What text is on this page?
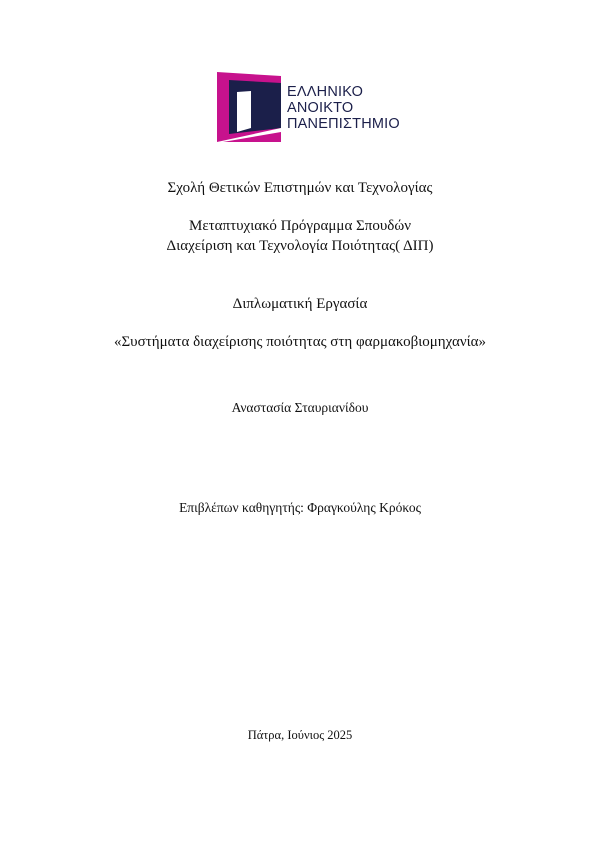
ΕΛΛΗΝΙΚΟ
ΑΝΟΙΚΤΟ
ΠΑΝΕΠΙΣΤΗΜΙΟ
Σχολή Θετικών Επιστημών και Τεχνολογίας
Μεταπτυχιακό Πρόγραμμα Σπουδών
Διαχείριση και Τεχνολογία Ποιότητας( ΔΙΠ)
Διπλωματική Εργασία
«Συστήματα διαχείρισης ποιότητας στη φαρμακοβιομηχανία»
Αναστασία Σταυριανίδου
Επιβλέπων καθηγητής: Φραγκούλης Κρόκος
Πάτρα, Ιούνιος 2025
